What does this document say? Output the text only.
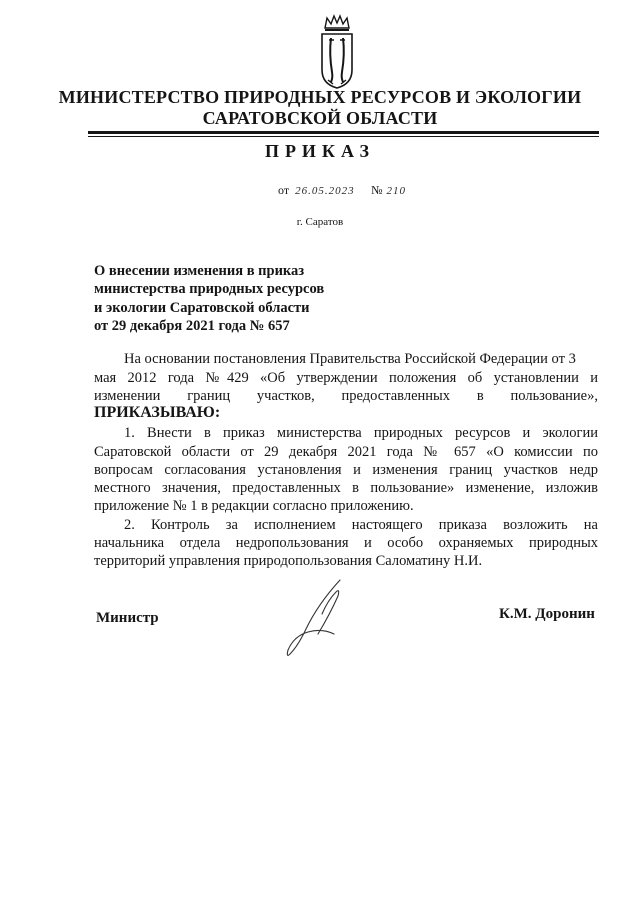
МИНИСТЕРСТВО ПРИРОДНЫХ РЕСУРСОВ И ЭКОЛОГИИ
САРАТОВСКОЙ ОБЛАСТИ
ПРИКАЗ
от 26.05.2023 № 210
г. Саратов
О внесении изменения в приказ
министерства природных ресурсов
и экологии Саратовской области
от 29 декабря 2021 года № 657
На основании постановления Правительства Российской Федерации от 3
мая 2012 года №429 «Об утверждении положения об установлении и
изменении границ участков, предоставленных в пользование»,
ПРИКАЗЫВАЮ:
1. Внести в приказ министерства природных ресурсов и экологии
Саратовской области от 29 декабря 2021 года № 657 «О комиссии по
вопросам согласования установления и изменения границ участков недр
местного значения, предоставленных в пользование» изменение, изложив
приложение № 1 в редакции согласно приложению.
2. Контроль за исполнением настоящего приказа возложить на
начальника отдела недропользования и особо охраняемых природных
территорий управления природопользования Саломатину Н.И.
Министр	К.М. Доронин
